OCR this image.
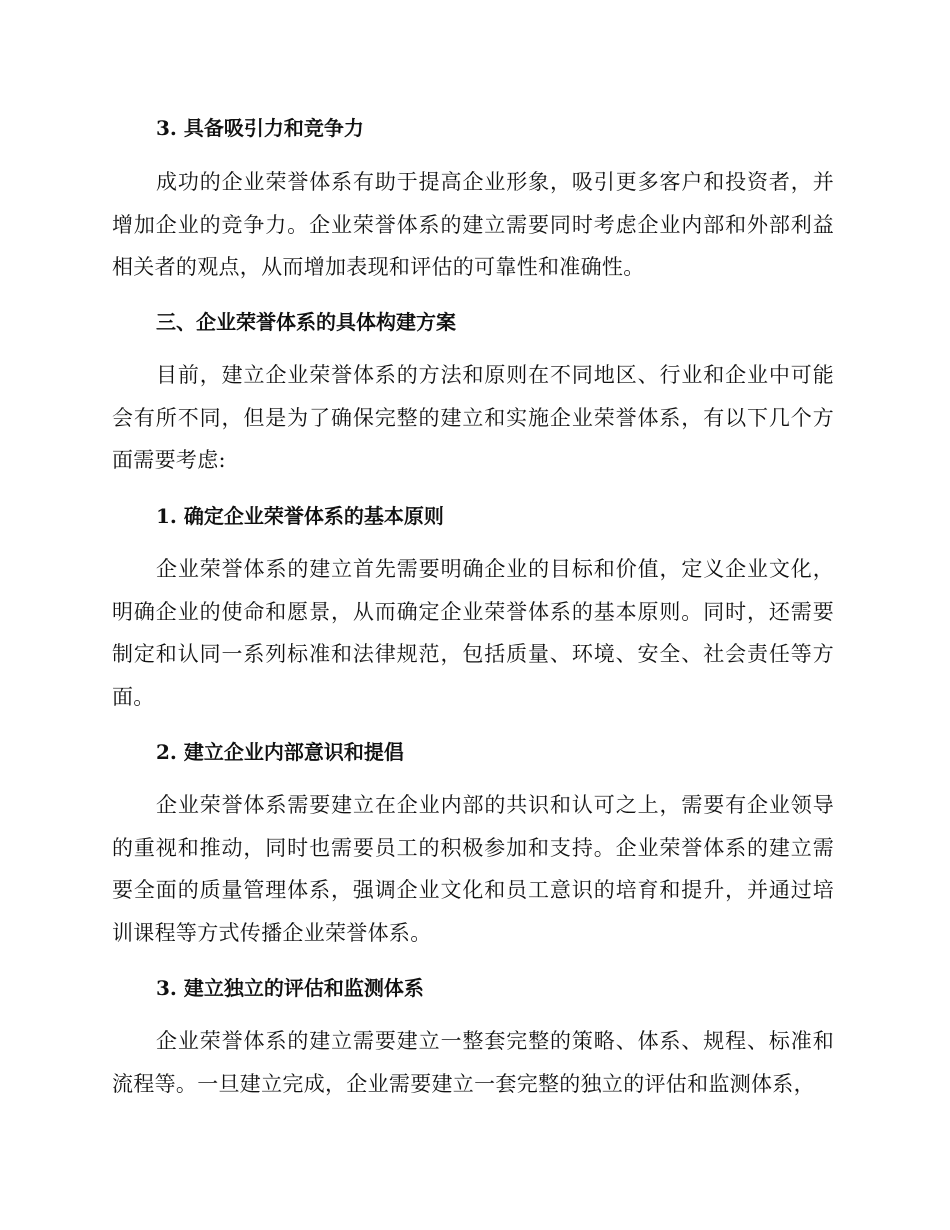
3. 具备吸引力和竞争力

成功的企业荣誉体系有助于提高企业形象，吸引更多客户和投资者，并增加企业的竞争力。企业荣誉体系的建立需要同时考虑企业内部和外部利益相关者的观点，从而增加表现和评估的可靠性和准确性。

三、企业荣誉体系的具体构建方案

目前，建立企业荣誉体系的方法和原则在不同地区、行业和企业中可能会有所不同，但是为了确保完整的建立和实施企业荣誉体系，有以下几个方面需要考虑:

1. 确定企业荣誉体系的基本原则

企业荣誉体系的建立首先需要明确企业的目标和价值，定义企业文化，明确企业的使命和愿景，从而确定企业荣誉体系的基本原则。同时，还需要制定和认同一系列标准和法律规范，包括质量、环境、安全、社会责任等方面。

2. 建立企业内部意识和提倡

企业荣誉体系需要建立在企业内部的共识和认可之上，需要有企业领导的重视和推动，同时也需要员工的积极参加和支持。企业荣誉体系的建立需要全面的质量管理体系，强调企业文化和员工意识的培育和提升，并通过培训课程等方式传播企业荣誉体系。

3. 建立独立的评估和监测体系

企业荣誉体系的建立需要建立一整套完整的策略、体系、规程、标准和流程等。一旦建立完成，企业需要建立一套完整的独立的评估和监测体系，
